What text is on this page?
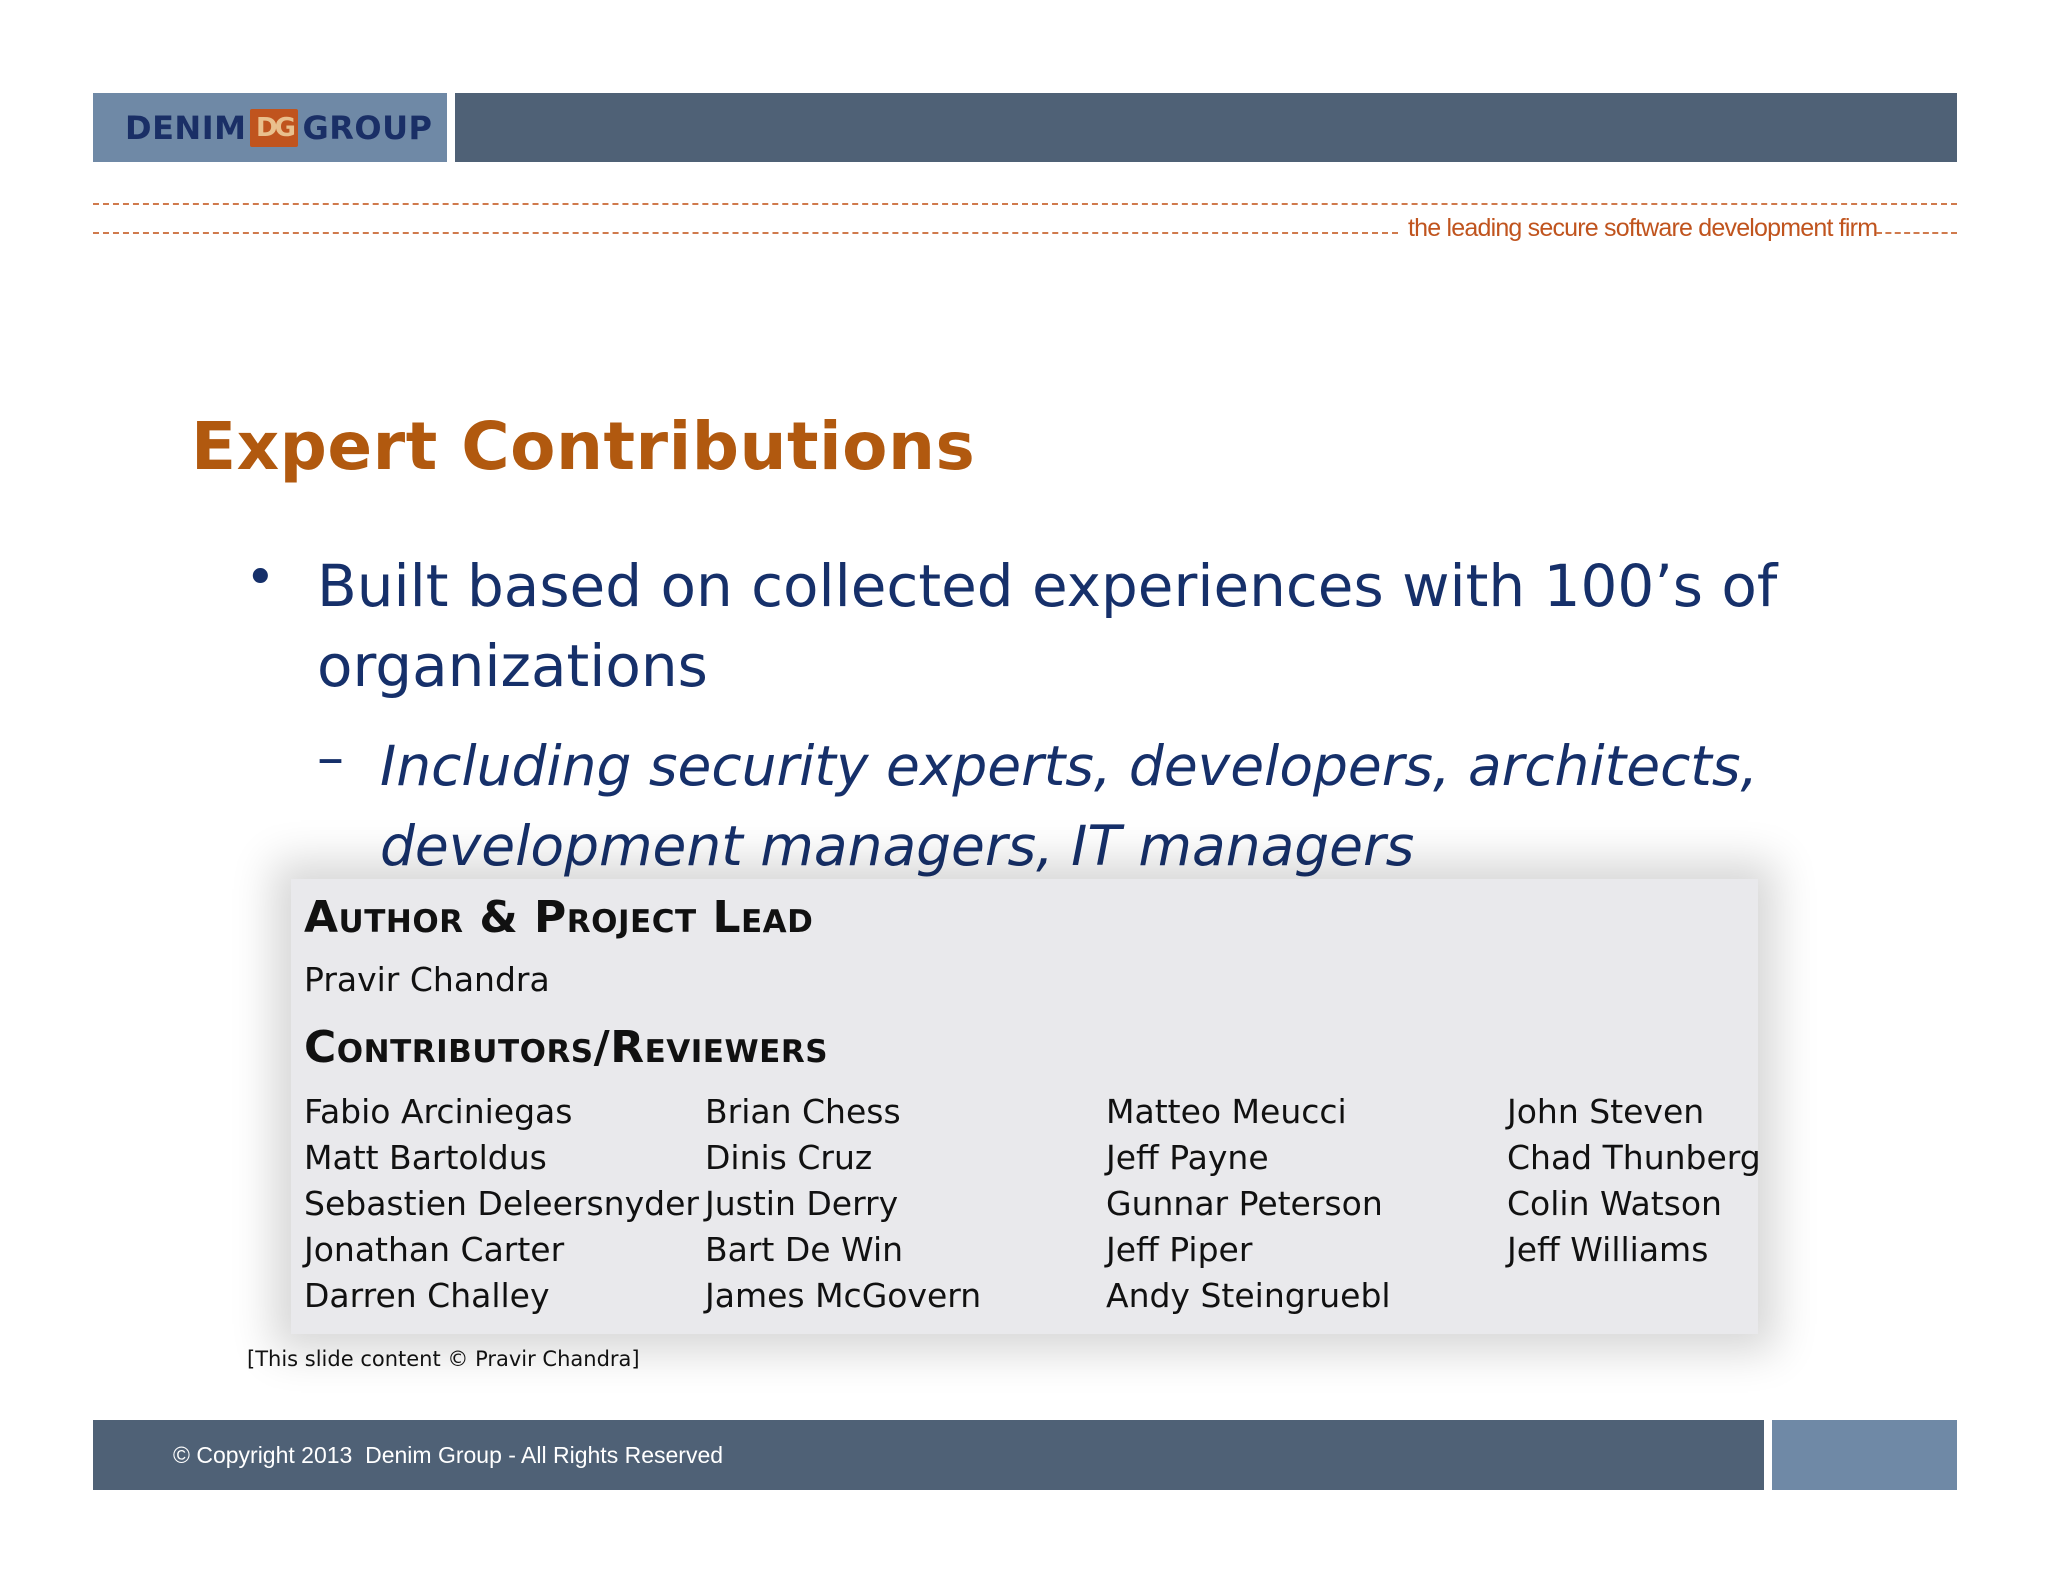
DENIM DG GROUP
the leading secure software development firm
Expert Contributions
• Built based on collected experiences with 100’s of organizations
– Including security experts, developers, architects, development managers, IT managers
Author & Project Lead
Pravir Chandra
Contributors/Reviewers
Fabio Arciniegas
Matt Bartoldus
Sebastien Deleersnyder
Jonathan Carter
Darren Challey
Brian Chess
Dinis Cruz
Justin Derry
Bart De Win
James McGovern
Matteo Meucci
Jeff Payne
Gunnar Peterson
Jeff Piper
Andy Steingruebl
John Steven
Chad Thunberg
Colin Watson
Jeff Williams
[This slide content © Pravir Chandra]
© Copyright 2013  Denim Group - All Rights Reserved
